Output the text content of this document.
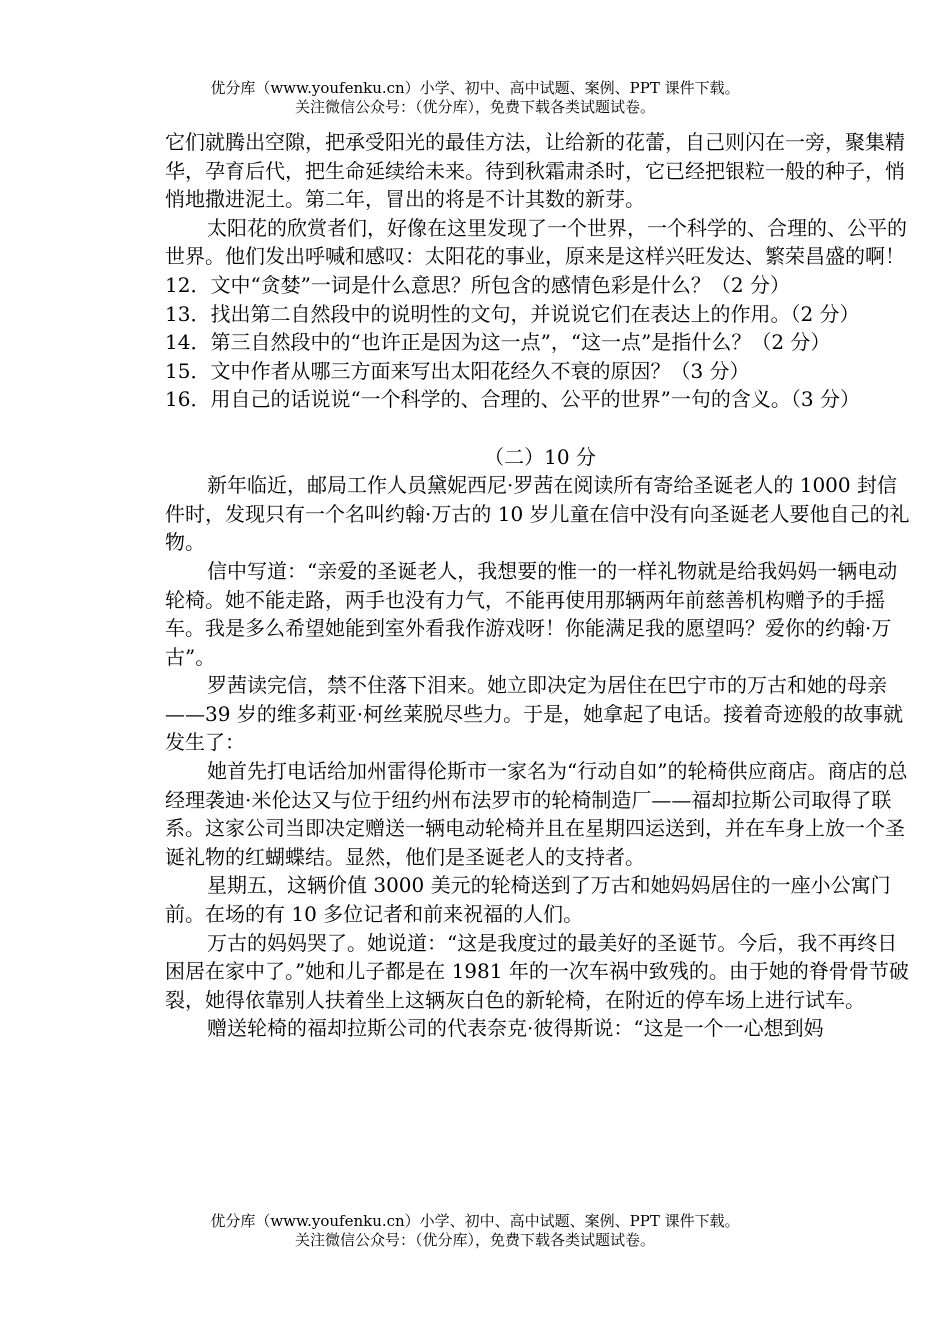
优分库（www.youfenku.cn）小学、初中、高中试题、案例、PPT 课件下载。
关注微信公众号：（优分库），免费下载各类试题试卷。

它们就腾出空隙，把承受阳光的最佳方法，让给新的花蕾，自己则闪在一旁，聚集精华，孕育后代，把生命延续给未来。待到秋霜肃杀时，它已经把银粒一般的种子，悄悄地撒进泥土。第二年，冒出的将是不计其数的新芽。

太阳花的欣赏者们，好像在这里发现了一个世界，一个科学的、合理的、公平的世界。他们发出呼喊和感叹：太阳花的事业，原来是这样兴旺发达、繁荣昌盛的啊！

12．文中“贪婪”一词是什么意思？所包含的感情色彩是什么？（2 分）

13．找出第二自然段中的说明性的文句，并说说它们在表达上的作用。（2 分）

14．第三自然段中的“也许正是因为这一点”，“这一点”是指什么？（2 分）

15．文中作者从哪三方面来写出太阳花经久不衰的原因？（3 分）

16．用自己的话说说“一个科学的、合理的、公平的世界”一句的含义。（3 分）

（二）10 分

新年临近，邮局工作人员黛妮西尼·罗茜在阅读所有寄给圣诞老人的 1000 封信件时，发现只有一个名叫约翰·万古的 10 岁儿童在信中没有向圣诞老人要他自己的礼物。

信中写道：“亲爱的圣诞老人，我想要的惟一的一样礼物就是给我妈妈一辆电动轮椅。她不能走路，两手也没有力气，不能再使用那辆两年前慈善机构赠予的手摇车。我是多么希望她能到室外看我作游戏呀！你能满足我的愿望吗？爱你的约翰·万古”。

罗茜读完信，禁不住落下泪来。她立即决定为居住在巴宁市的万古和她的母亲——39 岁的维多莉亚·柯丝莱脱尽些力。于是，她拿起了电话。接着奇迹般的故事就发生了：

她首先打电话给加州雷得伦斯市一家名为“行动自如”的轮椅供应商店。商店的总经理袭迪·米伦达又与位于纽约州布法罗市的轮椅制造厂——福却拉斯公司取得了联系。这家公司当即决定赠送一辆电动轮椅并且在星期四运送到，并在车身上放一个圣诞礼物的红蝴蝶结。显然，他们是圣诞老人的支持者。

星期五，这辆价值 3000 美元的轮椅送到了万古和她妈妈居住的一座小公寓门前。在场的有 10 多位记者和前来祝福的人们。

万古的妈妈哭了。她说道：“这是我度过的最美好的圣诞节。今后，我不再终日困居在家中了。”她和儿子都是在 1981 年的一次车祸中致残的。由于她的脊骨骨节破裂，她得依靠别人扶着坐上这辆灰白色的新轮椅，在附近的停车场上进行试车。

赠送轮椅的福却拉斯公司的代表奈克·彼得斯说：“这是一个一心想到妈

优分库（www.youfenku.cn）小学、初中、高中试题、案例、PPT 课件下载。
关注微信公众号：（优分库），免费下载各类试题试卷。
